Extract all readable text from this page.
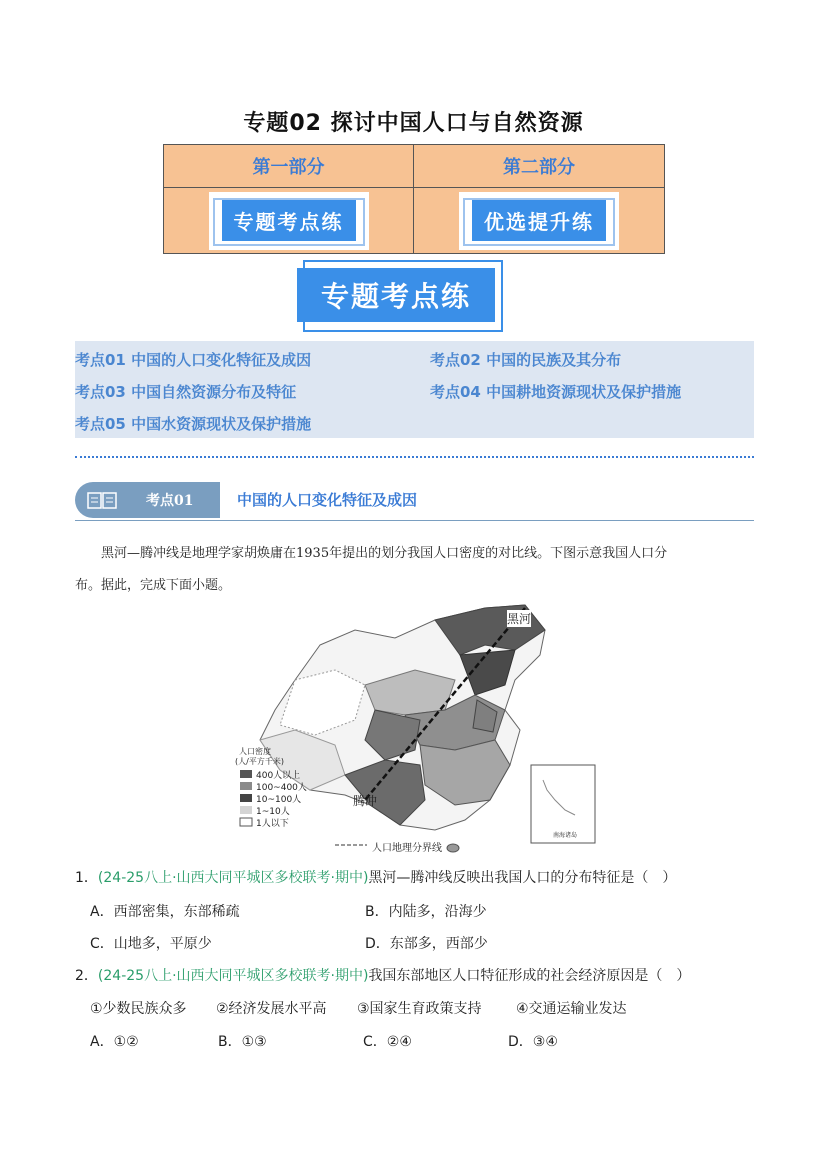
专题02 探讨中国人口与自然资源
第一部分	第二部分
专题考点练	优选提升练
专题考点练
考点01 中国的人口变化特征及成因	考点02 中国的民族及其分布
考点03 中国自然资源分布及特征	考点04 中国耕地资源现状及保护措施
考点05 中国水资源现状及保护措施
考点01	中国的人口变化特征及成因
黑河—腾冲线是地理学家胡焕庸在1935年提出的划分我国人口密度的对比线。下图示意我国人口分
布。据此，完成下面小题。
黑河
腾冲
人口密度
(人/平方千米)
400人以上
100~400人
10~100人
1~10人
1人以下
人口地理分界线
南海诸岛
1．(24-25八上·山西大同平城区多校联考·期中)黑河—腾冲线反映出我国人口的分布特征是（　）
A．西部密集，东部稀疏	B．内陆多，沿海少
C．山地多，平原少	D．东部多，西部少
2．(24-25八上·山西大同平城区多校联考·期中)我国东部地区人口特征形成的社会经济原因是（　）
①少数民族众多 ②经济发展水平高 ③国家生育政策支持 ④交通运输业发达
A．①②	B．①③	C．②④	D．③④
